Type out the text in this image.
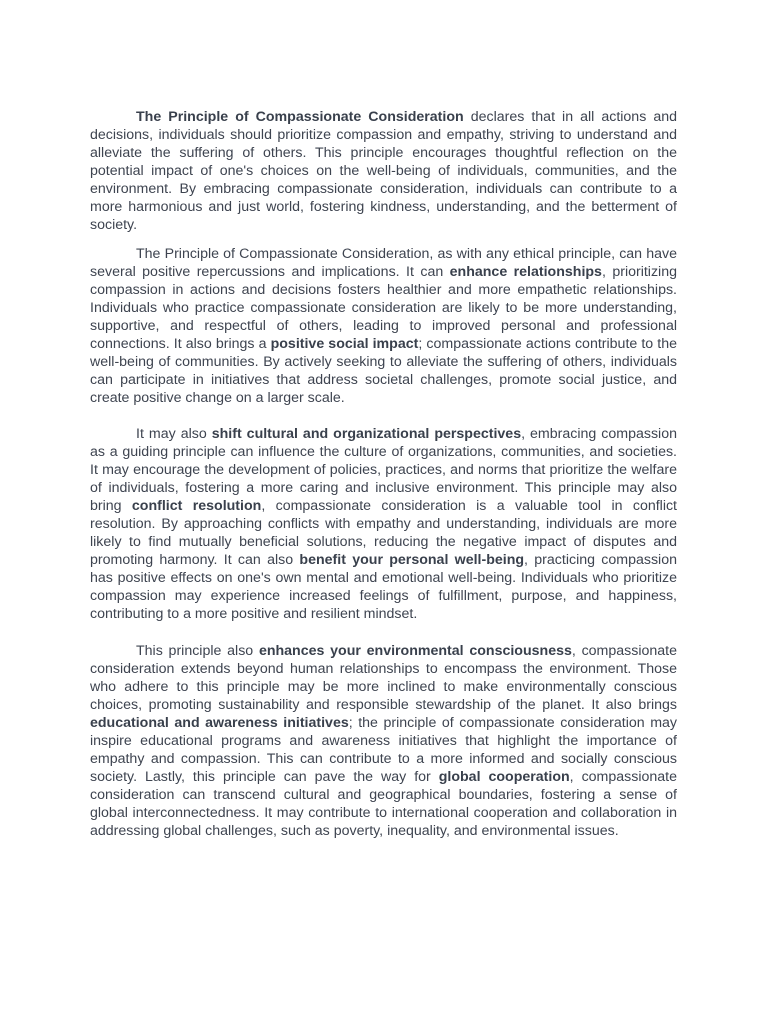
The Principle of Compassionate Consideration declares that in all actions and decisions, individuals should prioritize compassion and empathy, striving to understand and alleviate the suffering of others. This principle encourages thoughtful reflection on the potential impact of one's choices on the well-being of individuals, communities, and the environment. By embracing compassionate consideration, individuals can contribute to a more harmonious and just world, fostering kindness, understanding, and the betterment of society.

The Principle of Compassionate Consideration, as with any ethical principle, can have several positive repercussions and implications. It can enhance relationships, prioritizing compassion in actions and decisions fosters healthier and more empathetic relationships. Individuals who practice compassionate consideration are likely to be more understanding, supportive, and respectful of others, leading to improved personal and professional connections. It also brings a positive social impact; compassionate actions contribute to the well-being of communities. By actively seeking to alleviate the suffering of others, individuals can participate in initiatives that address societal challenges, promote social justice, and create positive change on a larger scale.

It may also shift cultural and organizational perspectives, embracing compassion as a guiding principle can influence the culture of organizations, communities, and societies. It may encourage the development of policies, practices, and norms that prioritize the welfare of individuals, fostering a more caring and inclusive environment. This principle may also bring conflict resolution, compassionate consideration is a valuable tool in conflict resolution. By approaching conflicts with empathy and understanding, individuals are more likely to find mutually beneficial solutions, reducing the negative impact of disputes and promoting harmony. It can also benefit your personal well-being, practicing compassion has positive effects on one's own mental and emotional well-being. Individuals who prioritize compassion may experience increased feelings of fulfillment, purpose, and happiness, contributing to a more positive and resilient mindset.

This principle also enhances your environmental consciousness, compassionate consideration extends beyond human relationships to encompass the environment. Those who adhere to this principle may be more inclined to make environmentally conscious choices, promoting sustainability and responsible stewardship of the planet. It also brings educational and awareness initiatives; the principle of compassionate consideration may inspire educational programs and awareness initiatives that highlight the importance of empathy and compassion. This can contribute to a more informed and socially conscious society. Lastly, this principle can pave the way for global cooperation, compassionate consideration can transcend cultural and geographical boundaries, fostering a sense of global interconnectedness. It may contribute to international cooperation and collaboration in addressing global challenges, such as poverty, inequality, and environmental issues.
